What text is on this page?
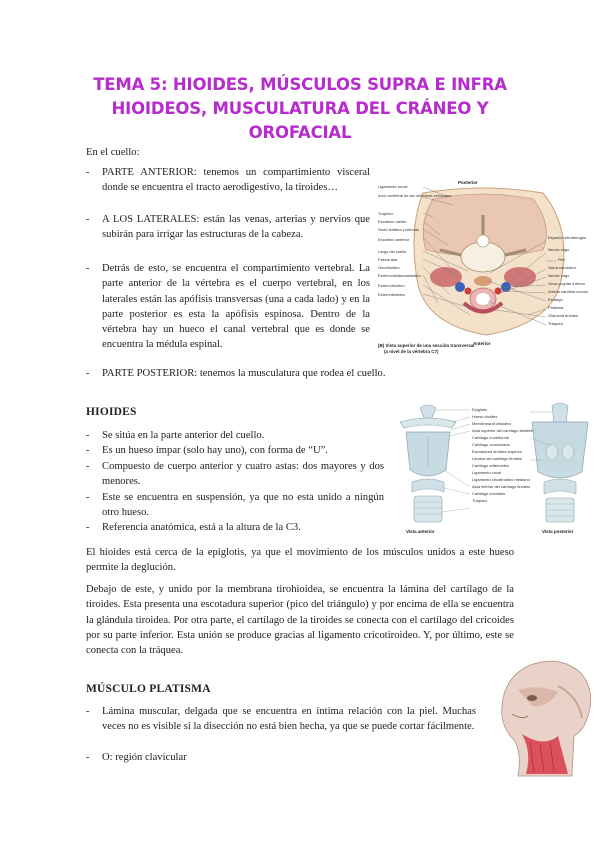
TEMA 5: HIOIDES, MÚSCULOS SUPRA E INFRA
HIOIDEOS, MUSCULATURA DEL CRÁNEO Y
OROFACIAL
En el cuello:
- PARTE ANTERIOR: tenemos un compartimiento visceral donde se encuentra el tracto aerodigestivo, la tiroides…
- A LOS LATERALES: están las venas, arterias y nervios que subirán para irrigar las estructuras de la cabeza.
- Detrás de esto, se encuentra el compartimiento vertebral. La parte anterior de la vértebra es el cuerpo vertebral, en los laterales están las apófisis transversas (una a cada lado) y en la parte posterior es esta la apófisis espinosa. Dentro de la vértebra hay un hueco el canal vertebral que es donde se encuentra la médula espinal.
- PARTE POSTERIOR: tenemos la musculatura que rodea el cuello.
Posterior
Ligamento nucal
Arco vertebral de las vértebras cervicales
Trapecio
Escaleno medio
Nodo linfático profundo
Escaleno anterior
Largo del cuello
Fascia alar
Omohioideo
Esternocleidomastoideo
Esternohioideo
Esternotiroideo
Espacio retrofaríngeo
Nervio vago
Piel
Vaina carotídea
Nervio vago
Vena yugular interna
Arteria carótida común
Esófago
Platisma
Glándula tiroides
Tráquea
Anterior
(B) Vista superior de una sección transversal
(a nivel de la vértebra C7)
HIOIDES
- Se sitúa en la parte anterior del cuello.
- Es un hueso impar (solo hay uno), con forma de “U”.
- Compuesto de cuerpo anterior y cuatro astas: dos mayores y dos menores.
- Este se encuentra en suspensión, ya que no esta unido a ningún otro hueso.
- Referencia anatómica, está a la altura de la C3.
Epiglotis
Hueso hioides
Membrana tirohioidea
Asta superior del cartílago tiroides
Cartílago cuneiforme
Cartílago corniculado
Escotadura tiroidea superior
Lámina del cartílago tiroides
Cartílago aritenoides
Ligamento vocal
Ligamento cricotiroideo mediano
Asta inferior del cartílago tiroides
Cartílago cricoides
Tráquea
Vista anterior	Vista posterior
El hioides está cerca de la epiglotis, ya que el movimiento de los músculos unidos a este hueso permite la deglución.
Debajo de este, y unido por la membrana tirohioidea, se encuentra la lámina del cartílago de la tiroides. Esta presenta una escotadura superior (pico del triángulo) y por encima de ella se encuentra la glándula tiroidea. Por otra parte, el cartílago de la tiroides se conecta con el cartílago del cricoides por su parte inferior. Esta unión se produce gracias al ligamento cricotiroideo. Y, por último, este se conecta con la tráquea.
MÚSCULO PLATISMA
- Lámina muscular, delgada que se encuentra en íntima relación con la piel. Muchas veces no es visible si la disección no está bien hecha, ya que se puede cortar fácilmente.
- O: región clavicular
